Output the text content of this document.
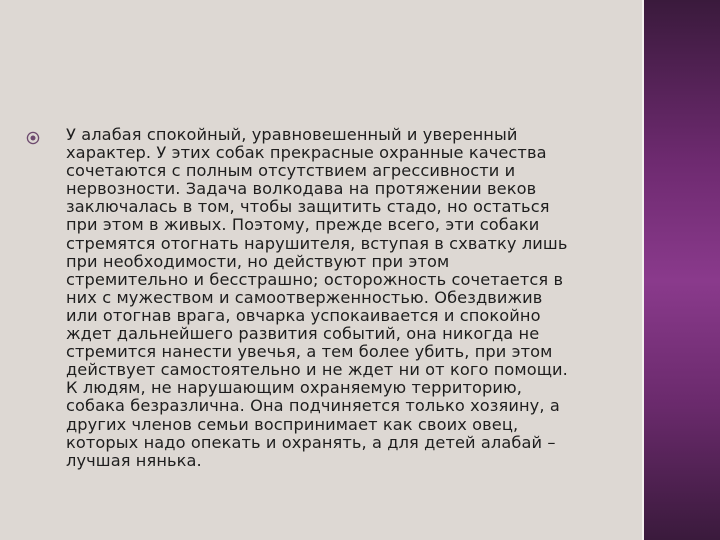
У алабая спокойный, уравновешенный и уверенный
характер. У этих собак прекрасные охранные качества
сочетаются с полным отсутствием агрессивности и
нервозности. Задача волкодава на протяжении веков
заключалась в том, чтобы защитить стадо, но остаться
при этом в живых. Поэтому, прежде всего, эти собаки
стремятся отогнать нарушителя, вступая в схватку лишь
при необходимости, но действуют при этом
стремительно и бесстрашно; осторожность сочетается в
них с мужеством и самоотверженностью. Обездвижив
или отогнав врага, овчарка успокаивается и спокойно
ждет дальнейшего развития событий, она никогда не
стремится нанести увечья, а тем более убить, при этом
действует самостоятельно и не ждет ни от кого помощи.
К людям, не нарушающим охраняемую территорию,
собака безразлична. Она подчиняется только хозяину, а
других членов семьи воспринимает как своих овец,
которых надо опекать и охранять, а для детей алабай –
лучшая нянька.
